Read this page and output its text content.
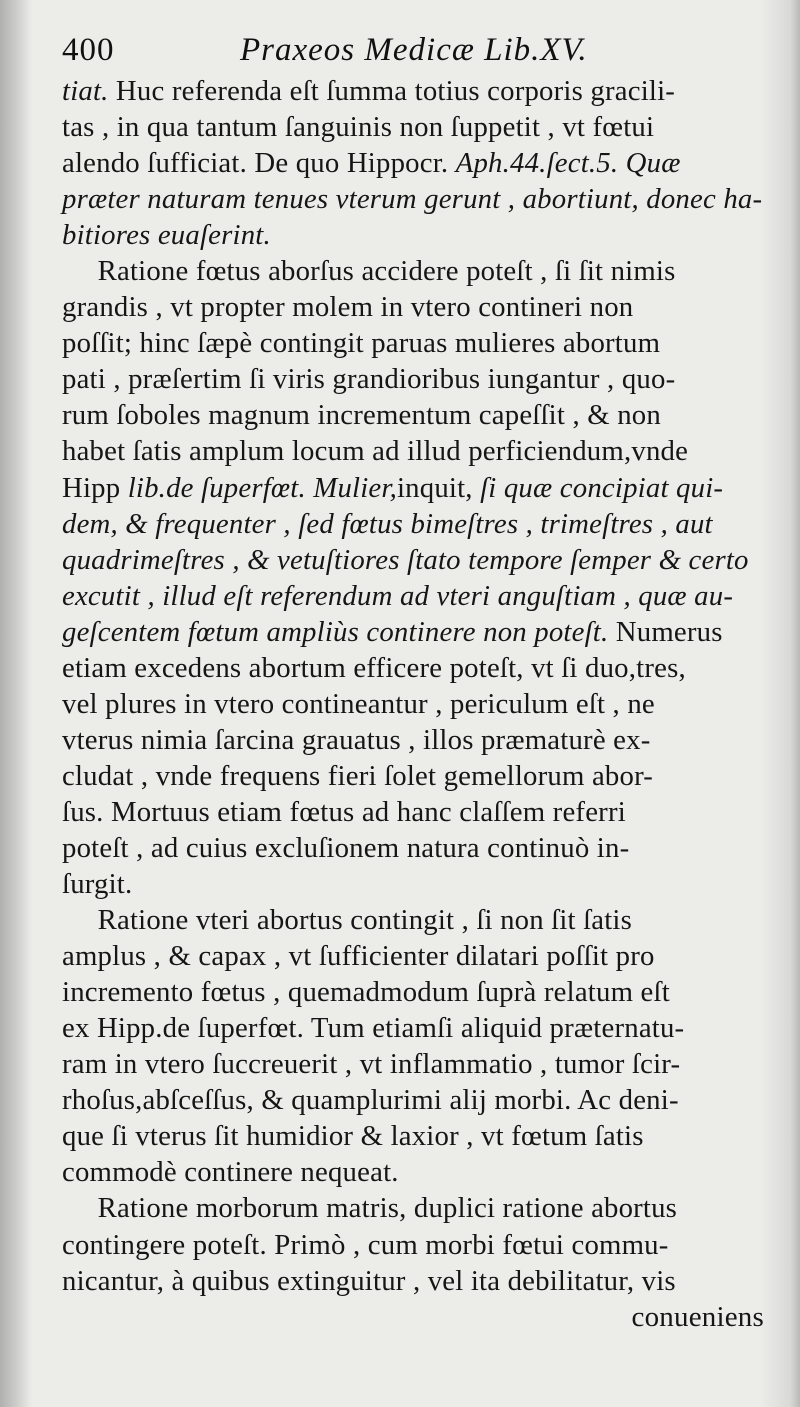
400	Praxeos Medicæ Lib.XV.
tiat. Huc referenda eſt ſumma totius corporis gracili-
tas , in qua tantum ſanguinis non ſuppetit , vt fœtui
alendo ſufficiat. De quo Hippocr. Aph.44.ſect.5. Quæ
præter naturam tenues vterum gerunt , abortiunt, donec ha-
bitiores euaſerint.
Ratione fœtus aborſus accidere poteſt , ſi ſit nimis
grandis , vt propter molem in vtero contineri non
poſſit; hinc ſæpè contingit paruas mulieres abortum
pati , præſertim ſi viris grandioribus iungantur , quo-
rum ſoboles magnum incrementum capeſſit , & non
habet ſatis amplum locum ad illud perficiendum,vnde
Hipp lib.de ſuperfœt. Mulier,inquit, ſi quæ concipiat qui-
dem, & frequenter , ſed fœtus bimeſtres , trimeſtres , aut
quadrimeſtres , & vetuſtiores ſtato tempore ſemper & certo
excutit , illud eſt referendum ad vteri anguſtiam , quæ au-
geſcentem fœtum ampliùs continere non poteſt. Numerus
etiam excedens abortum efficere poteſt, vt ſi duo,tres,
vel plures in vtero contineantur , periculum eſt , ne
vterus nimia ſarcina grauatus , illos præmaturè ex-
cludat , vnde frequens fieri ſolet gemellorum abor-
ſus. Mortuus etiam fœtus ad hanc claſſem referri
poteſt , ad cuius excluſionem natura continuò in-
ſurgit.
Ratione vteri abortus contingit , ſi non ſit ſatis
amplus , & capax , vt ſufficienter dilatari poſſit pro
incremento fœtus , quemadmodum ſuprà relatum eſt
ex Hipp.de ſuperfœt. Tum etiamſi aliquid præternatu-
ram in vtero ſuccreuerit , vt inflammatio , tumor ſcir-
rhoſus,abſceſſus, & quamplurimi alij morbi. Ac deni-
que ſi vterus ſit humidior & laxior , vt fœtum ſatis
commodè continere nequeat.
Ratione morborum matris, duplici ratione abortus
contingere poteſt. Primò , cum morbi fœtui commu-
nicantur, à quibus extinguitur , vel ita debilitatur, vis
conueniens
